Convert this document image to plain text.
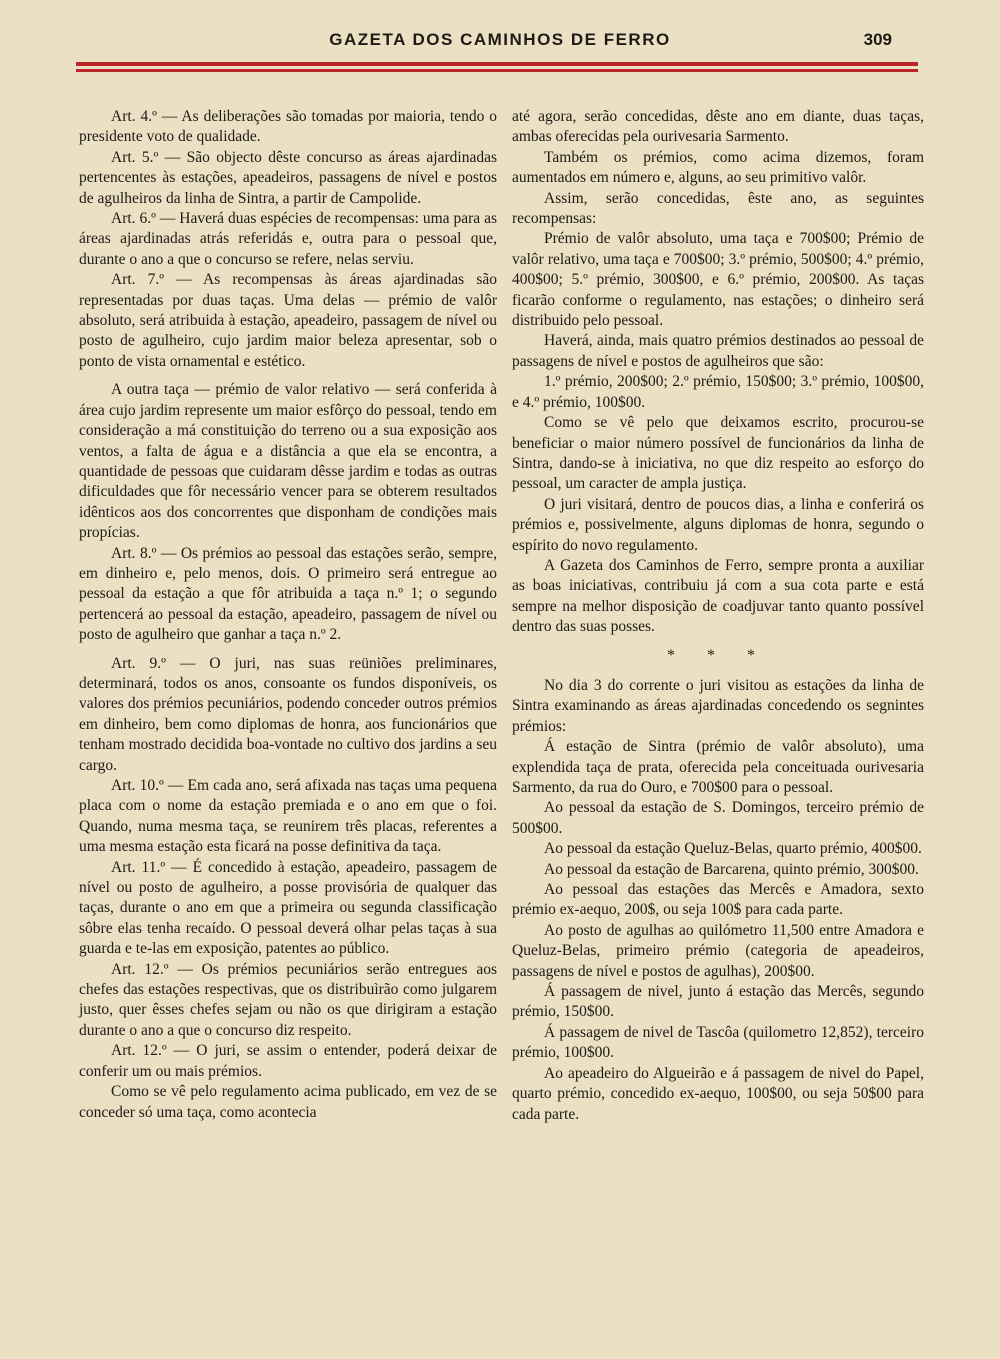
GAZETA DOS CAMINHOS DE FERRO	309

Art. 4.º — As deliberações são tomadas por maioria, tendo o presidente voto de qualidade.

Art. 5.º — São objecto dêste concurso as áreas ajardinadas pertencentes às estações, apeadeiros, passagens de nível e postos de agulheiros da linha de Sintra, a partir de Campolide.

Art. 6.º — Haverá duas espécies de recompensas: uma para as áreas ajardinadas atrás referidás e, outra para o pessoal que, durante o ano a que o concurso se refere, nelas serviu.

Art. 7.º — As recompensas às áreas ajardinadas são representadas por duas taças. Uma delas — prémio de valôr absoluto, será atribuida à estação, apeadeiro, passagem de nível ou posto de agulheiro, cujo jardim maior beleza apresentar, sob o ponto de vista ornamental e estético.

A outra taça — prémio de valor relativo — será conferida à área cujo jardim represente um maior esfôrço do pessoal, tendo em consideração a má constituição do terreno ou a sua exposição aos ventos, a falta de água e a distância a que ela se encontra, a quantidade de pessoas que cuidaram dêsse jardim e todas as outras dificuldades que fôr necessário vencer para se obterem resultados idênticos aos dos concorrentes que disponham de condições mais propícias.

Art. 8.º — Os prémios ao pessoal das estações serão, sempre, em dinheiro e, pelo menos, dois. O primeiro será entregue ao pessoal da estação a que fôr atribuida a taça n.º 1; o segundo pertencerá ao pessoal da estação, apeadeiro, passagem de nível ou posto de agulheiro que ganhar a taça n.º 2.

Art. 9.º — O juri, nas suas reüniões preliminares, determinará, todos os anos, consoante os fundos disponíveis, os valores dos prémios pecuniários, podendo conceder outros prémios em dinheiro, bem como diplomas de honra, aos funcionários que tenham mostrado decidida boa-vontade no cultivo dos jardins a seu cargo.

Art. 10.º — Em cada ano, será afixada nas taças uma pequena placa com o nome da estação premiada e o ano em que o foi. Quando, numa mesma taça, se reunirem três placas, referentes a uma mesma estação esta ficará na posse definitiva da taça.

Art. 11.º — É concedido à estação, apeadeiro, passagem de nível ou posto de agulheiro, a posse provisória de qualquer das taças, durante o ano em que a primeira ou segunda classificação sôbre elas tenha recaído. O pessoal deverá olhar pelas taças à sua guarda e te-las em exposição, patentes ao público.

Art. 12.º — Os prémios pecuniários serão entregues aos chefes das estações respectivas, que os distribuìrão como julgarem justo, quer êsses chefes sejam ou não os que dirigiram a estação durante o ano a que o concurso diz respeito.

Art. 12.º — O juri, se assim o entender, poderá deixar de conferir um ou mais prémios.

Como se vê pelo regulamento acima publicado, em vez de se conceder só uma taça, como acontecia

até agora, serão concedidas, dêste ano em diante, duas taças, ambas oferecidas pela ourivesaria Sarmento.

Também os prémios, como acima dizemos, foram aumentados em número e, alguns, ao seu primitivo valôr.

Assim, serão concedidas, êste ano, as seguintes recompensas:

Prémio de valôr absoluto, uma taça e 700$00; Prémio de valôr relativo, uma taça e 700$00; 3.º prémio, 500$00; 4.º prémio, 400$00; 5.º prémio, 300$00, e 6.º prémio, 200$00. As taças ficarão conforme o regulamento, nas estações; o dinheiro será distribuido pelo pessoal.

Haverá, ainda, mais quatro prémios destinados ao pessoal de passagens de nível e postos de agulheiros que são:

1.º prémio, 200$00; 2.º prémio, 150$00; 3.º prémio, 100$00, e 4.º prémio, 100$00.

Como se vê pelo que deixamos escrito, procurou-se beneficiar o maior número possível de funcionários da linha de Sintra, dando-se à iniciativa, no que diz respeito ao esforço do pessoal, um caracter de ampla justiça.

O juri visitará, dentro de poucos dias, a linha e conferirá os prémios e, possivelmente, alguns diplomas de honra, segundo o espírito do novo regulamento.

A Gazeta dos Caminhos de Ferro, sempre pronta a auxiliar as boas iniciativas, contribuiu já com a sua cota parte e está sempre na melhor disposição de coadjuvar tanto quanto possível dentro das suas posses.

* * *

No dia 3 do corrente o juri visitou as estações da linha de Sintra examinando as áreas ajardinadas concedendo os segnintes prémios:

Á estação de Sintra (prémio de valôr absoluto), uma explendida taça de prata, oferecida pela conceituada ourivesaria Sarmento, da rua do Ouro, e 700$00 para o pessoal.

Ao pessoal da estação de S. Domingos, terceiro prémio de 500$00.

Ao pessoal da estação Queluz-Belas, quarto prémio, 400$00.

Ao pessoal da estação de Barcarena, quinto prémio, 300$00.

Ao pessoal das estações das Mercês e Amadora, sexto prémio ex-aequo, 200$, ou seja 100$ para cada parte.

Ao posto de agulhas ao quilómetro 11,500 entre Amadora e Queluz-Belas, primeiro prémio (categoria de apeadeiros, passagens de nível e postos de agulhas), 200$00.

Á passagem de nivel, junto á estação das Mercês, segundo prémio, 150$00.

Á passagem de nivel de Tascôa (quilometro 12,852), terceiro prémio, 100$00.

Ao apeadeiro do Algueirão e á passagem de nivel do Papel, quarto prémio, concedido ex-aequo, 100$00, ou seja 50$00 para cada parte.
